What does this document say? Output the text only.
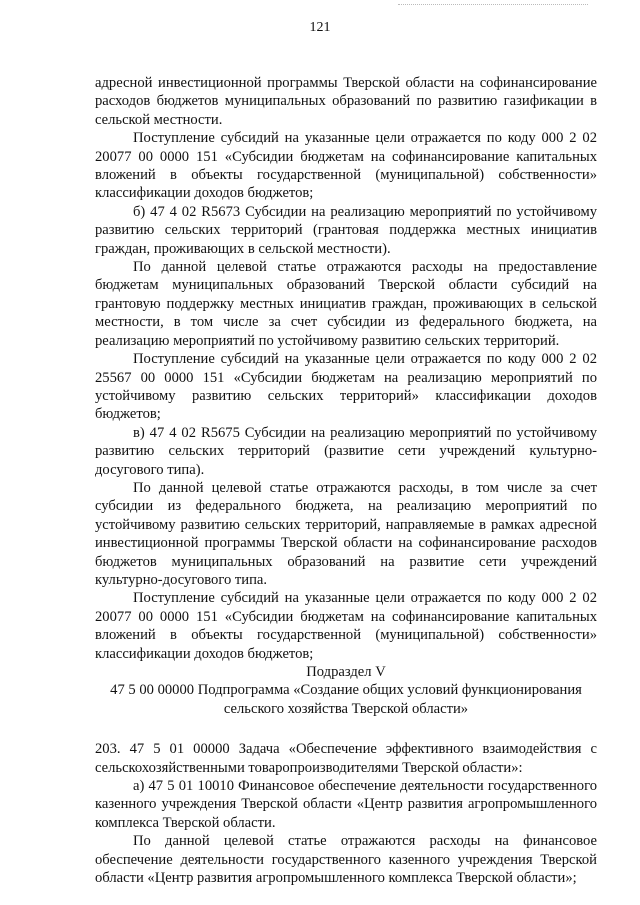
121

адресной инвестиционной программы Тверской области на софинансирование расходов бюджетов муниципальных образований по развитию газификации в сельской местности.

Поступление субсидий на указанные цели отражается по коду 000 2 02 20077 00 0000 151 «Субсидии бюджетам на софинансирование капитальных вложений в объекты государственной (муниципальной) собственности» классификации доходов бюджетов;

б) 47 4 02 R5673 Субсидии на реализацию мероприятий по устойчивому развитию сельских территорий (грантовая поддержка местных инициатив граждан, проживающих в сельской местности).

По данной целевой статье отражаются расходы на предоставление бюджетам муниципальных образований Тверской области субсидий на грантовую поддержку местных инициатив граждан, проживающих в сельской местности, в том числе за счет субсидии из федерального бюджета, на реализацию мероприятий по устойчивому развитию сельских территорий.

Поступление субсидий на указанные цели отражается по коду 000 2 02 25567 00 0000 151 «Субсидии бюджетам на реализацию мероприятий по устойчивому развитию сельских территорий» классификации доходов бюджетов;

в) 47 4 02 R5675 Субсидии на реализацию мероприятий по устойчивому развитию сельских территорий (развитие сети учреждений культурно-досугового типа).

По данной целевой статье отражаются расходы, в том числе за счет субсидии из федерального бюджета, на реализацию мероприятий по устойчивому развитию сельских территорий, направляемые в рамках адресной инвестиционной программы Тверской области на софинансирование расходов бюджетов муниципальных образований на развитие сети учреждений культурно-досугового типа.

Поступление субсидий на указанные цели отражается по коду 000 2 02 20077 00 0000 151 «Субсидии бюджетам на софинансирование капитальных вложений в объекты государственной (муниципальной) собственности» классификации доходов бюджетов;

Подраздел V

47 5 00 00000 Подпрограмма «Создание общих условий функционирования сельского хозяйства Тверской области»

203. 47 5 01 00000 Задача «Обеспечение эффективного взаимодействия с сельскохозяйственными товаропроизводителями Тверской области»:

а) 47 5 01 10010 Финансовое обеспечение деятельности государственного казенного учреждения Тверской области «Центр развития агропромышленного комплекса Тверской области.

По данной целевой статье отражаются расходы на финансовое обеспечение деятельности государственного казенного учреждения Тверской области «Центр развития агропромышленного комплекса Тверской области»;
